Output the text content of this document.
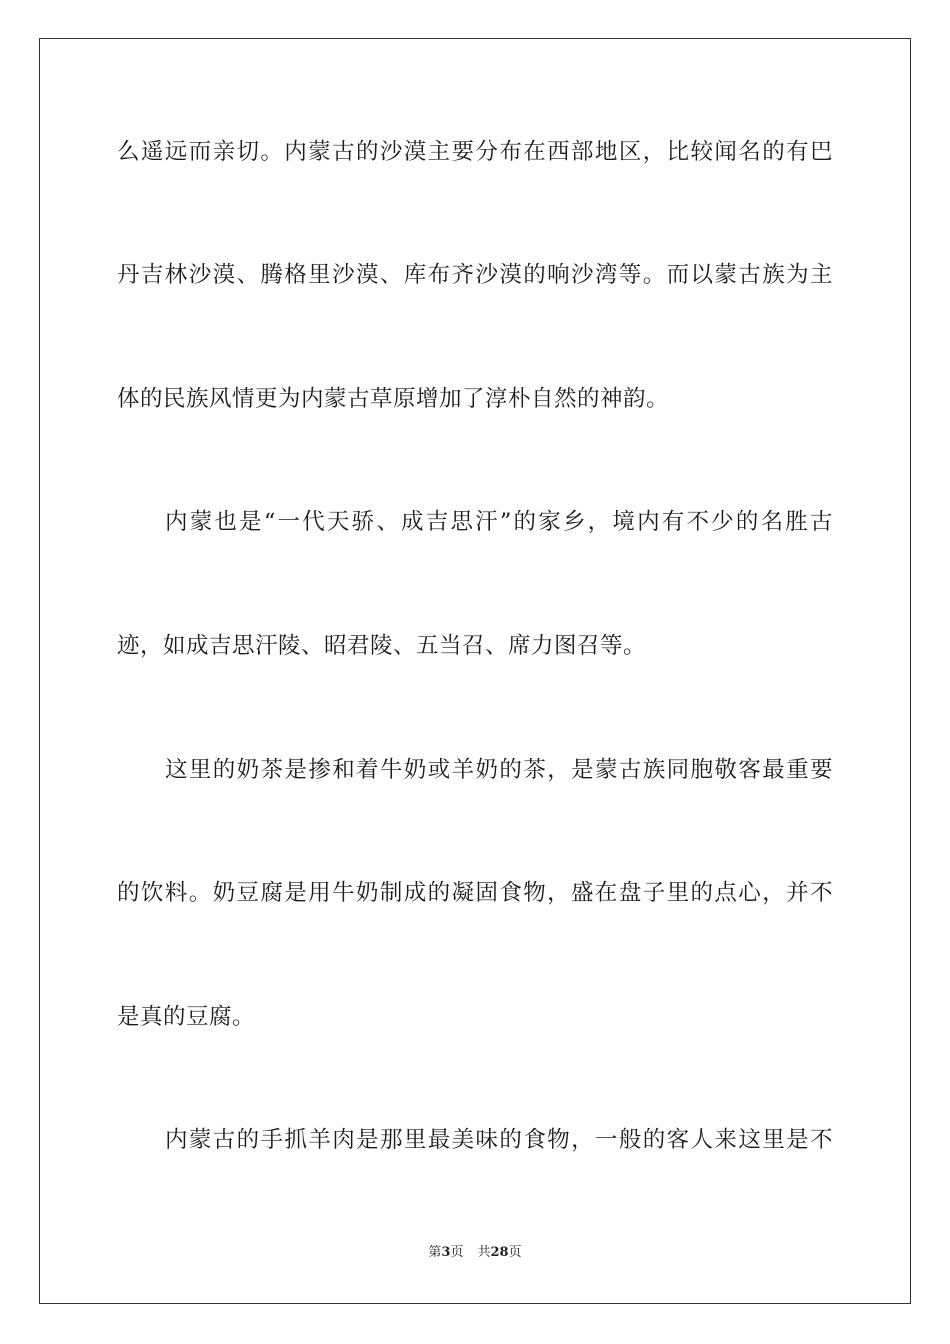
么遥远而亲切。内蒙古的沙漠主要分布在西部地区，比较闻名的有巴
丹吉林沙漠、腾格里沙漠、库布齐沙漠的响沙湾等。而以蒙古族为主
体的民族风情更为内蒙古草原增加了淳朴自然的神韵。
内蒙也是“一代天骄、成吉思汗”的家乡，境内有不少的名胜古
迹，如成吉思汗陵、昭君陵、五当召、席力图召等。
这里的奶茶是掺和着牛奶或羊奶的茶，是蒙古族同胞敬客最重要
的饮料。奶豆腐是用牛奶制成的凝固食物，盛在盘子里的点心，并不
是真的豆腐。
内蒙古的手抓羊肉是那里最美味的食物，一般的客人来这里是不
第3页 共28页
